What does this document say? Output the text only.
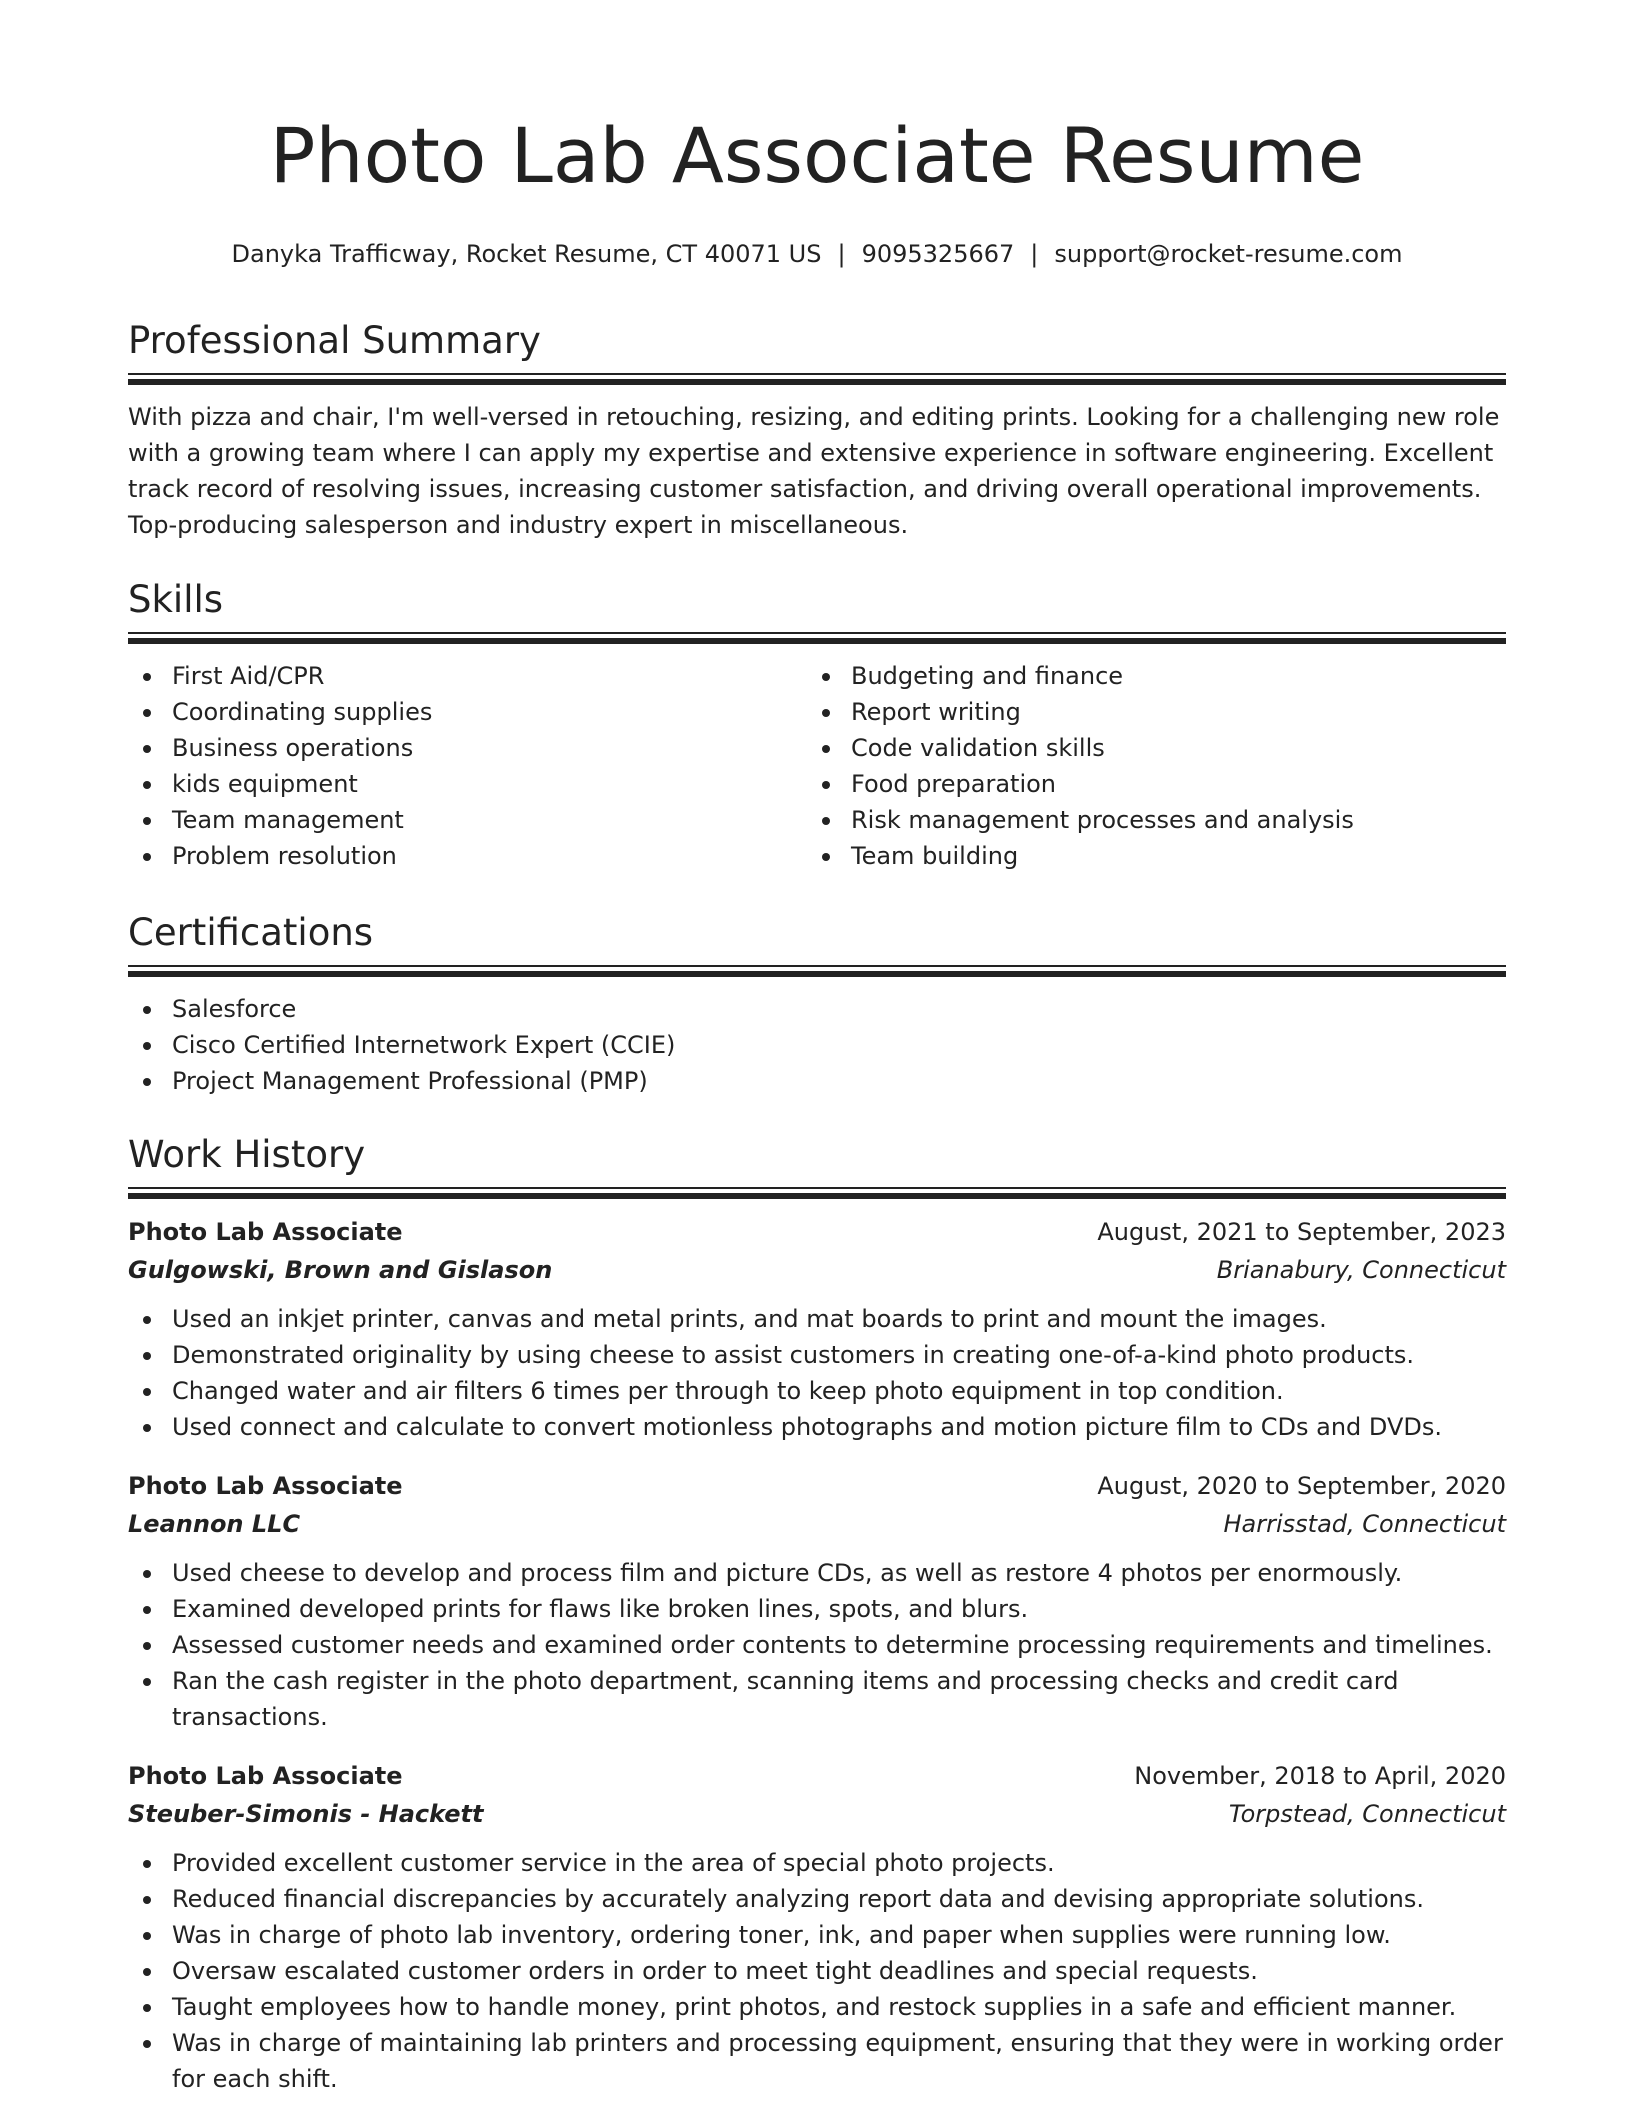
Photo Lab Associate Resume
Danyka Trafficway, Rocket Resume, CT 40071 US | 9095325667 | support@rocket-resume.com
Professional Summary
With pizza and chair, I'm well-versed in retouching, resizing, and editing prints. Looking for a challenging new role with a growing team where I can apply my expertise and extensive experience in software engineering. Excellent track record of resolving issues, increasing customer satisfaction, and driving overall operational improvements. Top-producing salesperson and industry expert in miscellaneous.
Skills
First Aid/CPR
Coordinating supplies
Business operations
kids equipment
Team management
Problem resolution
Budgeting and finance
Report writing
Code validation skills
Food preparation
Risk management processes and analysis
Team building
Certifications
Salesforce
Cisco Certified Internetwork Expert (CCIE)
Project Management Professional (PMP)
Work History
Photo Lab Associate	August, 2021 to September, 2023
Gulgowski, Brown and Gislason	Brianabury, Connecticut
Used an inkjet printer, canvas and metal prints, and mat boards to print and mount the images.
Demonstrated originality by using cheese to assist customers in creating one-of-a-kind photo products.
Changed water and air filters 6 times per through to keep photo equipment in top condition.
Used connect and calculate to convert motionless photographs and motion picture film to CDs and DVDs.
Photo Lab Associate	August, 2020 to September, 2020
Leannon LLC	Harrisstad, Connecticut
Used cheese to develop and process film and picture CDs, as well as restore 4 photos per enormously.
Examined developed prints for flaws like broken lines, spots, and blurs.
Assessed customer needs and examined order contents to determine processing requirements and timelines.
Ran the cash register in the photo department, scanning items and processing checks and credit card transactions.
Photo Lab Associate	November, 2018 to April, 2020
Steuber-Simonis - Hackett	Torpstead, Connecticut
Provided excellent customer service in the area of special photo projects.
Reduced financial discrepancies by accurately analyzing report data and devising appropriate solutions.
Was in charge of photo lab inventory, ordering toner, ink, and paper when supplies were running low.
Oversaw escalated customer orders in order to meet tight deadlines and special requests.
Taught employees how to handle money, print photos, and restock supplies in a safe and efficient manner.
Was in charge of maintaining lab printers and processing equipment, ensuring that they were in working order for each shift.
